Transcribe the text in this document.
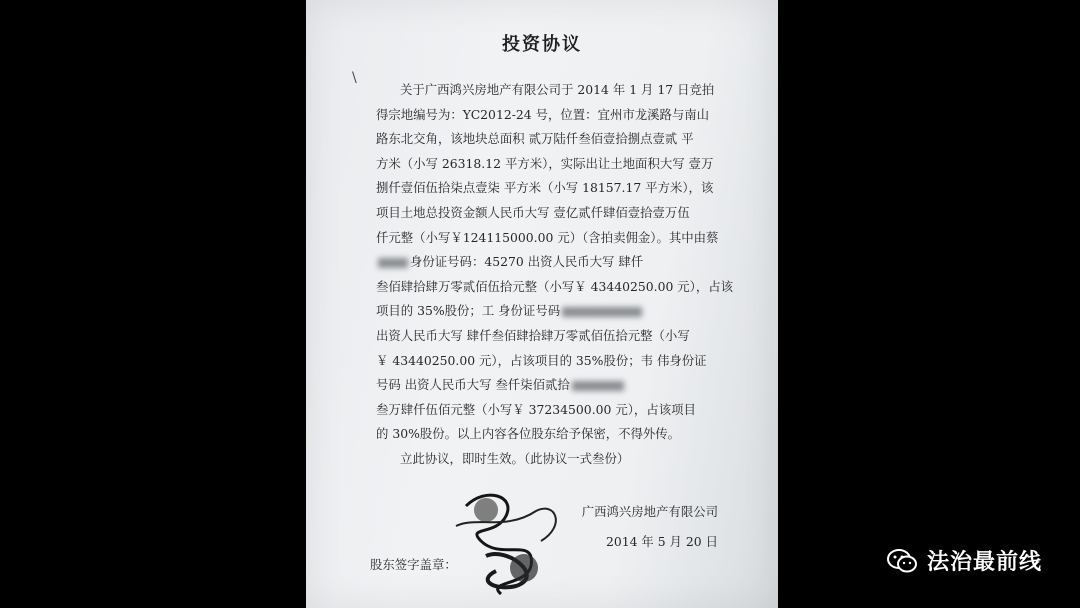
投资协议
\
关于广西鸿兴房地产有限公司于 2014 年 1 月 17 日竞拍
得宗地编号为：YC2012-24 号，位置：宜州市龙溪路与南山
路东北交角，该地块总面积 贰万陆仟叁佰壹拾捌点壹贰 平
方米（小写 26318.12 平方米），实际出让土地面积大写 壹万
捌仟壹佰伍拾柒点壹柒 平方米（小写 18157.17 平方米），该
项目土地总投资金额人民币大写 壹亿贰仟肆佰壹拾壹万伍
仟元整（小写￥124115000.00 元）（含拍卖佣金）。其中由蔡
身份证号码：45270 出资人民币大写 肆仟
叁佰肆拾肆万零贰佰伍拾元整（小写￥ 43440250.00 元），占该
项目的 35%股份；工 身份证号码
出资人民币大写 肆仟叁佰肆拾肆万零贰佰伍拾元整（小写
￥ 43440250.00 元），占该项目的 35%股份；韦 伟身份证
号码 出资人民币大写 叁仟柒佰贰拾
叁万肆仟伍佰元整（小写￥ 37234500.00 元），占该项目
的 30%股份。以上内容各位股东给予保密，不得外传。
立此协议，即时生效。（此协议一式叁份）
广西鸿兴房地产有限公司
2014 年 5 月 20 日
股东签字盖章：	法治最前线
